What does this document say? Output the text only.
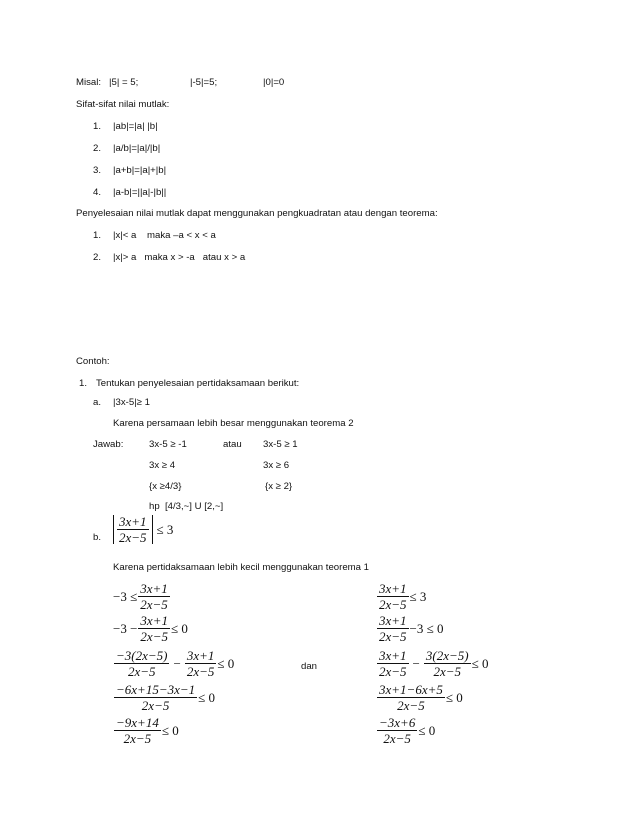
Misal: |5| = 5;	|-5|=5;	|0|=0
Sifat-sifat nilai mutlak:
1. |ab|=|a| |b|
2. |a/b|=|a|/|b|
3. |a+b|=|a|+|b|
4. |a-b|=||a|-|b||
Penyelesaian nilai mutlak dapat menggunakan pengkuadratan atau dengan teorema:
1. |x|< a    maka –a < x < a
2. |x|> a   maka x > -a   atau x > a
Contoh:
1. Tentukan penyelesaian pertidaksamaan berikut:
a. |3x-5|≥ 1
Karena persamaan lebih besar menggunakan teorema 2
Jawab:	3x-5 ≥ -1	atau 3x-5 ≥ 1
3x ≥ 4	3x ≥ 6
{x ≥4/3}	{x ≥ 2}
hp  [4/3,~] U [2,~]
b. $\frac{3x+1}{2x-5} \le 3$
Karena pertidaksamaan lebih kecil menggunakan teorema 1
$-3 \le \frac{3x+1}{2x-5}$
$-3 - \frac{3x+1}{2x-5} \le 0$
$\frac{-3(2x-5)}{2x-5} - \frac{3x+1}{2x-5} \le 0$
$\frac{-6x+15-3x-1}{2x-5} \le 0$
$\frac{-9x+14}{2x-5} \le 0$
dan
$\frac{3x+1}{2x-5} \le 3$
$\frac{3x+1}{2x-5} -3 \le 0$
$\frac{3x+1}{2x-5} - \frac{3(2x-5)}{2x-5} \le 0$
$\frac{3x+1-6x+5}{2x-5} \le 0$
$\frac{-3x+6}{2x-5} \le 0$
